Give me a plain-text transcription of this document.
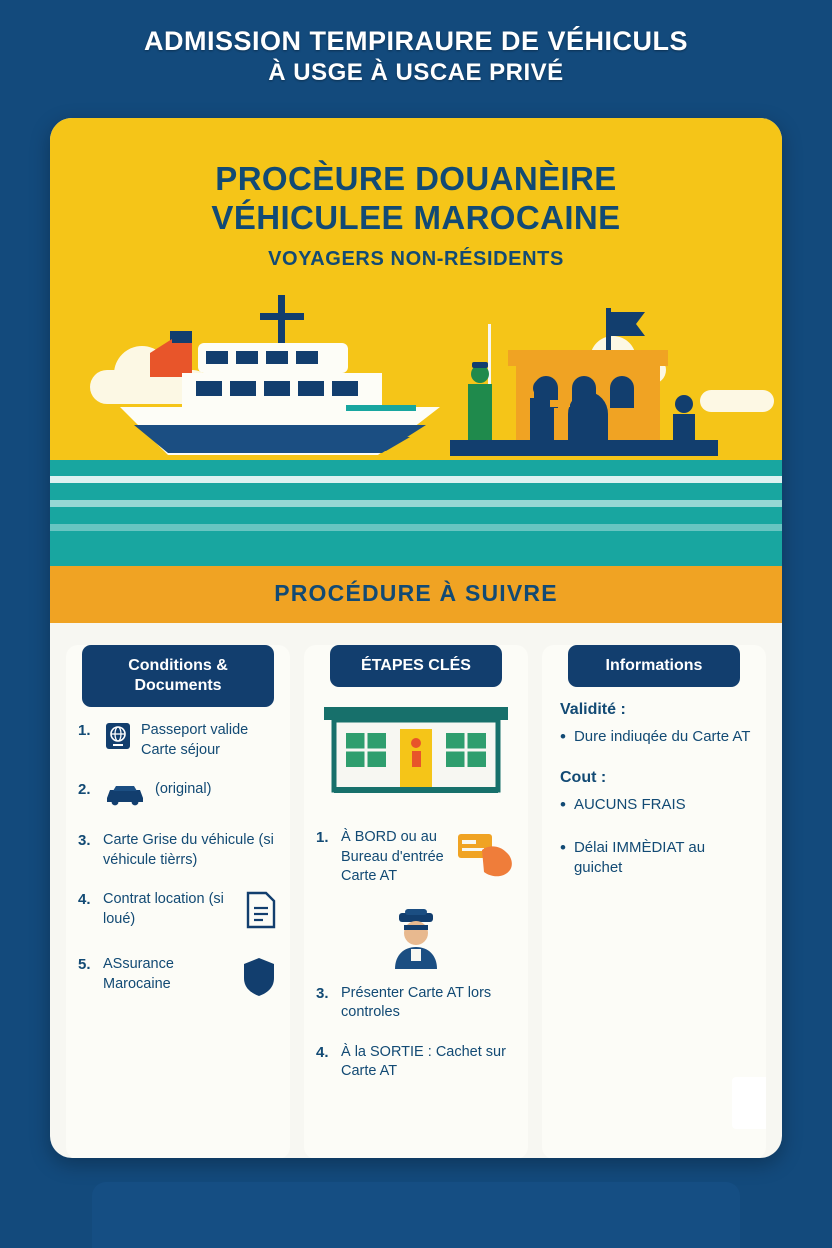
ADMISSION TEMPIRAURE DE VÉHICULS
À USGE À USCAE PRIVÉ
PROCÈURE DOUANÈIRE
VÉHICULEE MAROCAINE
VOYAGERS NON-RÉSIDENTS
PROCÉDURE À SUIVRE
Conditions & Documents
1.	Passeport valide Carte séjour
2.	(original)
3. Carte Grise du véhicule (si véhicule tièrrs)
4. Contrat location (si loué)
5. ASsurance Marocaine
ÉTAPES CLÉS
1. À BORD ou au Bureau d'entrée Carte AT
3. Présenter Carte AT lors controles
4. À la SORTIE : Cachet sur Carte AT
Informations
Validité :
• Dure indiuqée du Carte AT
Cout :
• AUCUNS FRAIS
• Délai IMMÈDIAT au guichet
